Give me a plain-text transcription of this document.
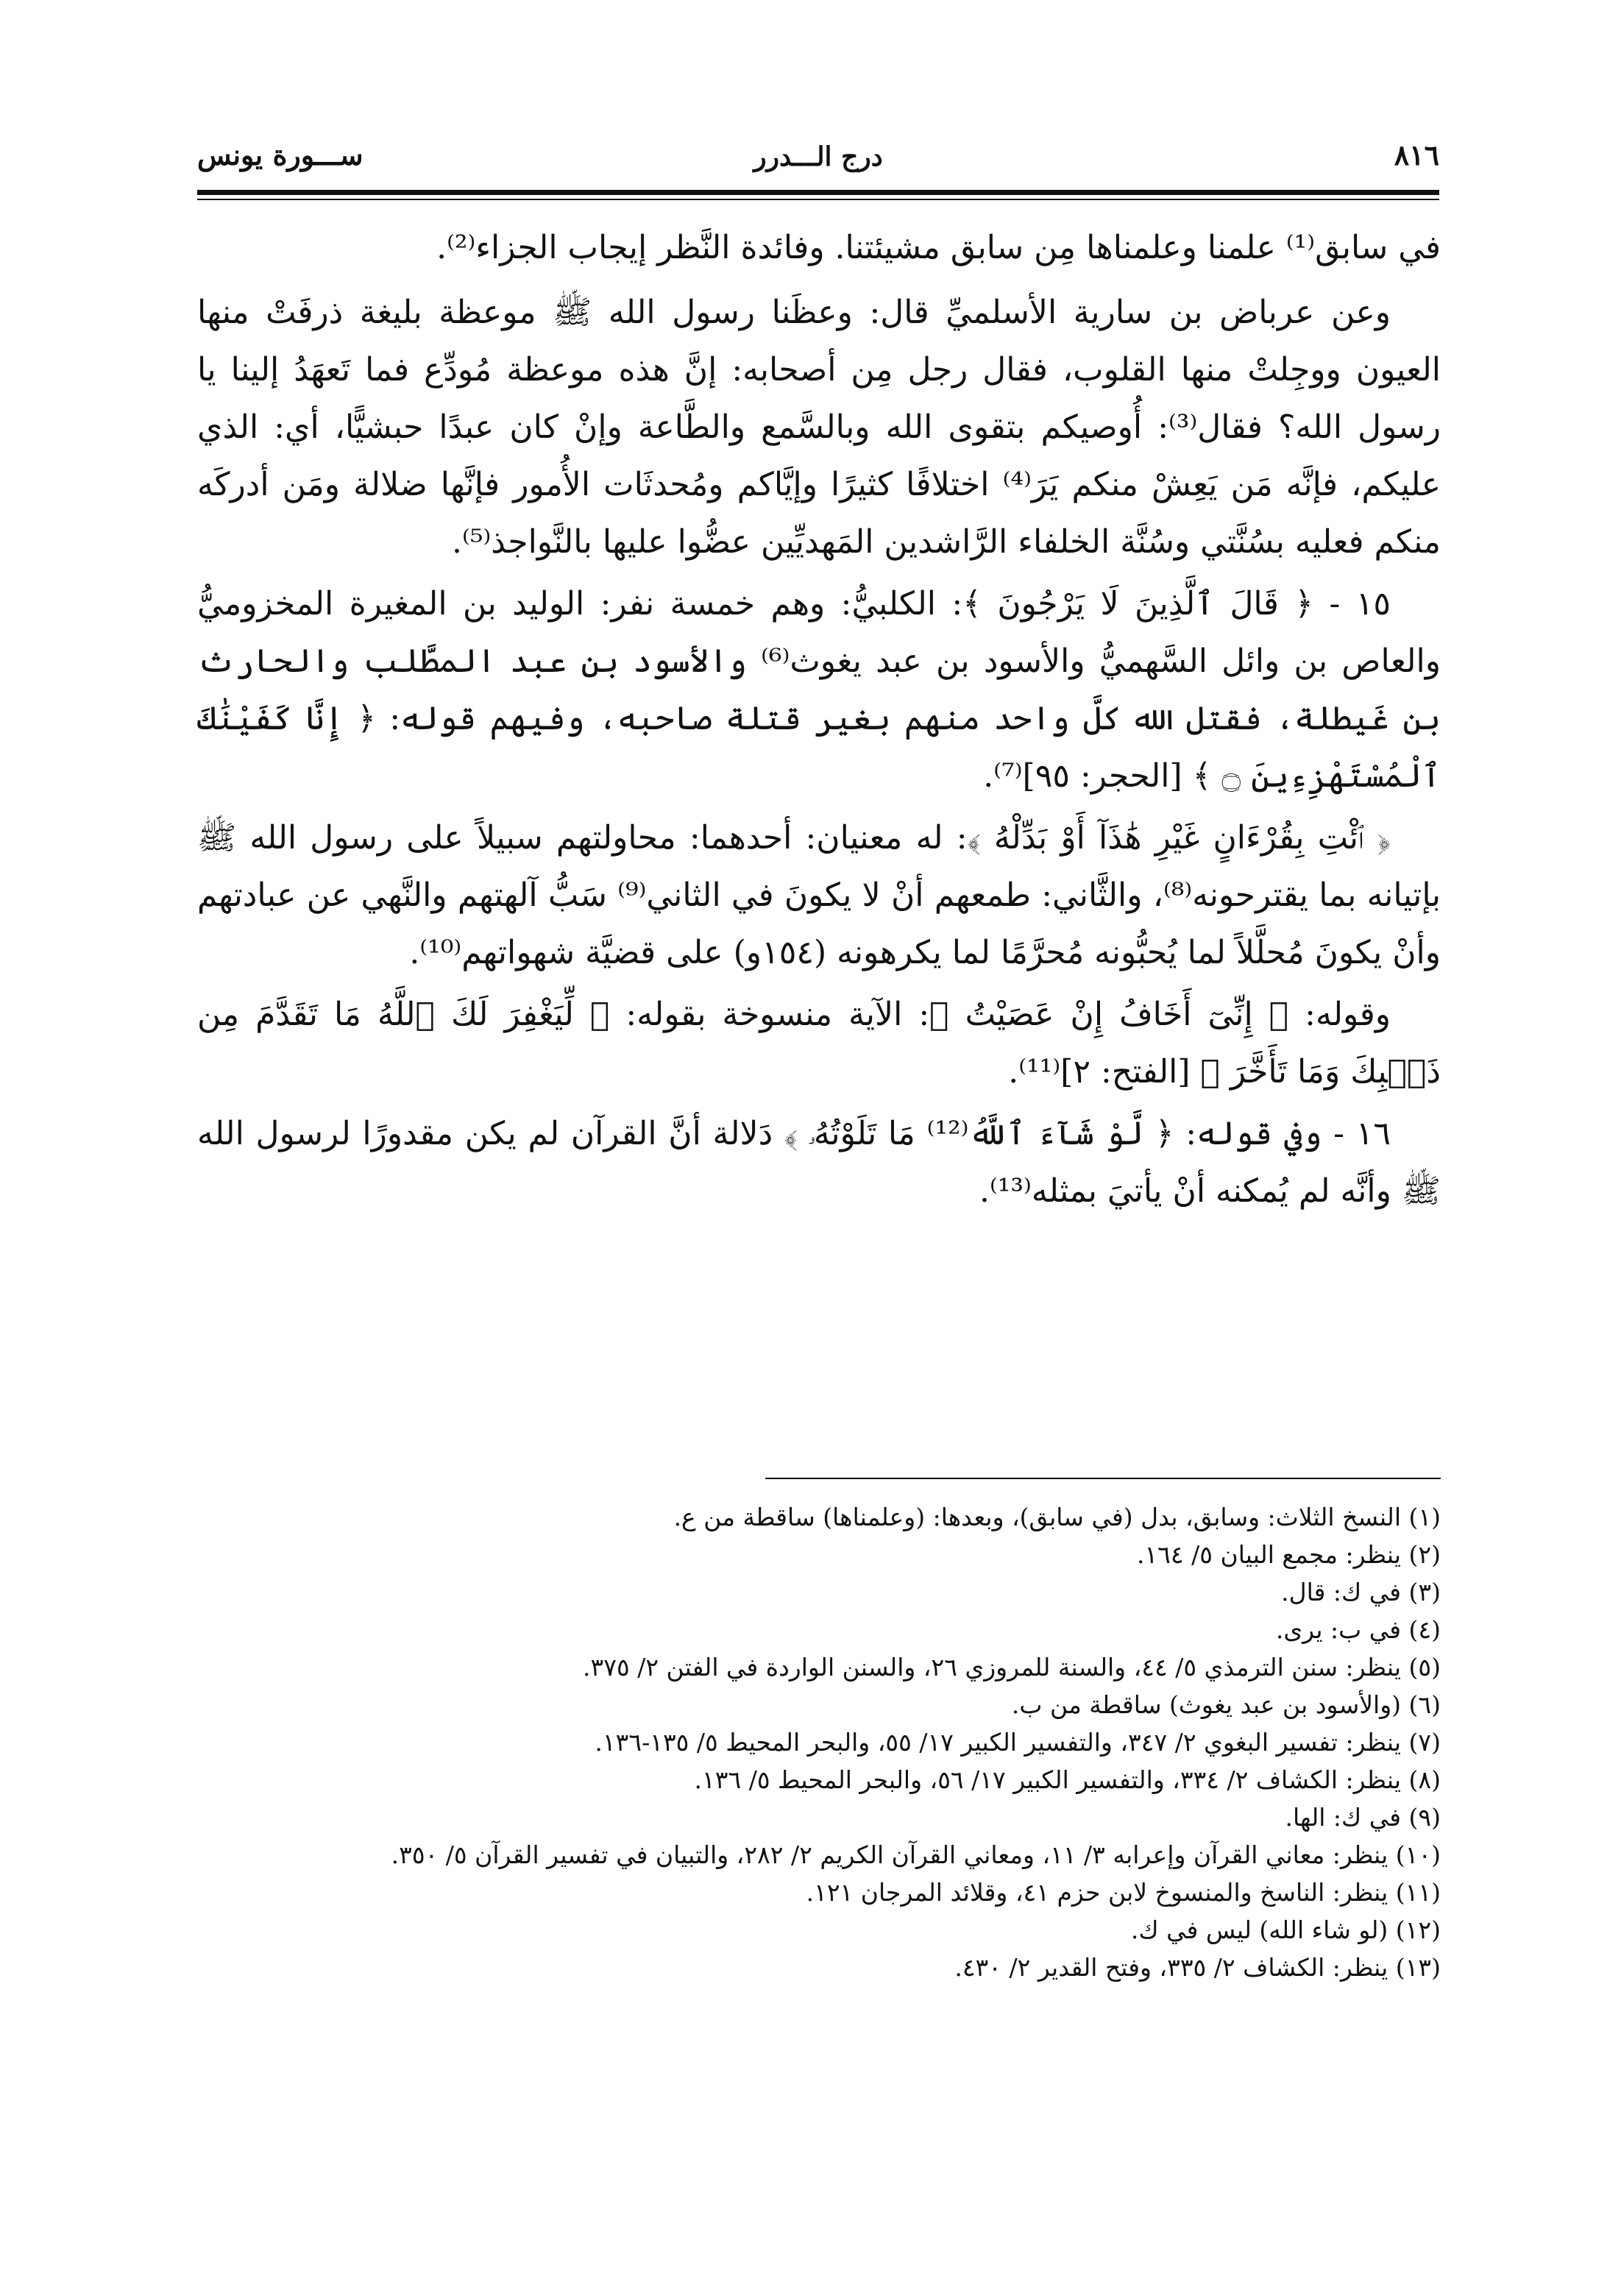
٨١٦
درج الـــدرر
ســـورة يونس

في سابق⁽¹⁾ علمنا وعلمناها مِن سابق مشيئتنا. وفائدة النَّظر إيجاب الجزاء⁽²⁾.

وعن عرباض بن سارية الأسلميِّ قال: وعظَنا رسول الله ﷺ موعظة بليغة ذرفَتْ منها العيون ووجِلتْ منها القلوب، فقال رجل مِن أصحابه: إنَّ هذه موعظة مُودِّع فما تَعهَدُ إلينا يا رسول الله؟ فقال⁽³⁾: أُوصيكم بتقوى الله وبالسَّمع والطَّاعة وإنْ كان عبدًا حبشيًّا، أي: الذي عليكم، فإنَّه مَن يَعِشْ منكم يَرَ⁽⁴⁾ اختلافًا كثيرًا وإيَّاكم ومُحدثَات الأُمور فإنَّها ضلالة ومَن أدركَه منكم فعليه بسُنَّتي وسُنَّة الخلفاء الرَّاشدين المَهديِّين عضُّوا عليها بالنَّواجذ⁽⁵⁾.

١٥ - ﴿ قَالَ ٱلَّذِينَ لَا يَرْجُونَ ﴾: الكلبيُّ: وهم خمسة نفر: الوليد بن المغيرة المخزوميُّ والعاص بن وائل السَّهميُّ والأسود بن عبد يغوث⁽⁶⁾ والأسود بن عبد المطَّلب والحارث بن غَيطلة، فقتل الله كلَّ واحد منهم بغير قتلة صاحبه، وفيهم قوله: ﴿ إِنَّا كَفَيْنَٰكَ ٱلْمُسْتَهْزِءِينَ ۝ ﴾ [الحجر: ٩٥]⁽⁷⁾.

﴿ ٱئْتِ بِقُرْءَانٍ غَيْرِ هَٰذَآ أَوْ بَدِّلْهُ ﴾: له معنيان: أحدهما: محاولتهم سبيلاً على رسول الله ﷺ بإتيانه بما يقترحونه⁽⁸⁾، والثَّاني: طمعهم أنْ لا يكونَ في الثاني⁽⁹⁾ سَبُّ آلهتهم والنَّهي عن عبادتهم وأنْ يكونَ مُحلَّلاً لما يُحبُّونه مُحرَّمًا لما يكرهونه (١٥٤و) على قضيَّة شهواتهم⁽¹⁰⁾.

وقوله: ﴿ إِنِّىٓ أَخَافُ إِنْ عَصَيْتُ ﴾: الآية منسوخة بقوله: ﴿ لِّيَغْفِرَ لَكَ ٱللَّهُ مَا تَقَدَّمَ مِن ذَنۢبِكَ وَمَا تَأَخَّرَ ﴾ [الفتح: ٢]⁽¹¹⁾.

١٦ - وفي قوله: ﴿ لَّوْ شَآءَ ٱللَّهُ⁽¹²⁾ مَا تَلَوْتُهُۥ ﴾ دَلالة أنَّ القرآن لم يكن مقدورًا لرسول الله ﷺ وأنَّه لم يُمكنه أنْ يأتيَ بمثله⁽¹³⁾.

(١) النسخ الثلاث: وسابق، بدل (في سابق)، وبعدها: (وعلمناها) ساقطة من ع.
(٢) ينظر: مجمع البيان ٥/ ١٦٤.
(٣) في ك: قال.
(٤) في ب: يرى.
(٥) ينظر: سنن الترمذي ٥/ ٤٤، والسنة للمروزي ٢٦، والسنن الواردة في الفتن ٢/ ٣٧٥.
(٦) (والأسود بن عبد يغوث) ساقطة من ب.
(٧) ينظر: تفسير البغوي ٢/ ٣٤٧، والتفسير الكبير ١٧/ ٥٥، والبحر المحيط ٥/ ١٣٥-١٣٦.
(٨) ينظر: الكشاف ٢/ ٣٣٤، والتفسير الكبير ١٧/ ٥٦، والبحر المحيط ٥/ ١٣٦.
(٩) في ك: الها.
(١٠) ينظر: معاني القرآن وإعرابه ٣/ ١١، ومعاني القرآن الكريم ٢/ ٢٨٢، والتبيان في تفسير القرآن ٥/ ٣٥٠.
(١١) ينظر: الناسخ والمنسوخ لابن حزم ٤١، وقلائد المرجان ١٢١.
(١٢) (لو شاء الله) ليس في ك.
(١٣) ينظر: الكشاف ٢/ ٣٣٥، وفتح القدير ٢/ ٤٣٠.
